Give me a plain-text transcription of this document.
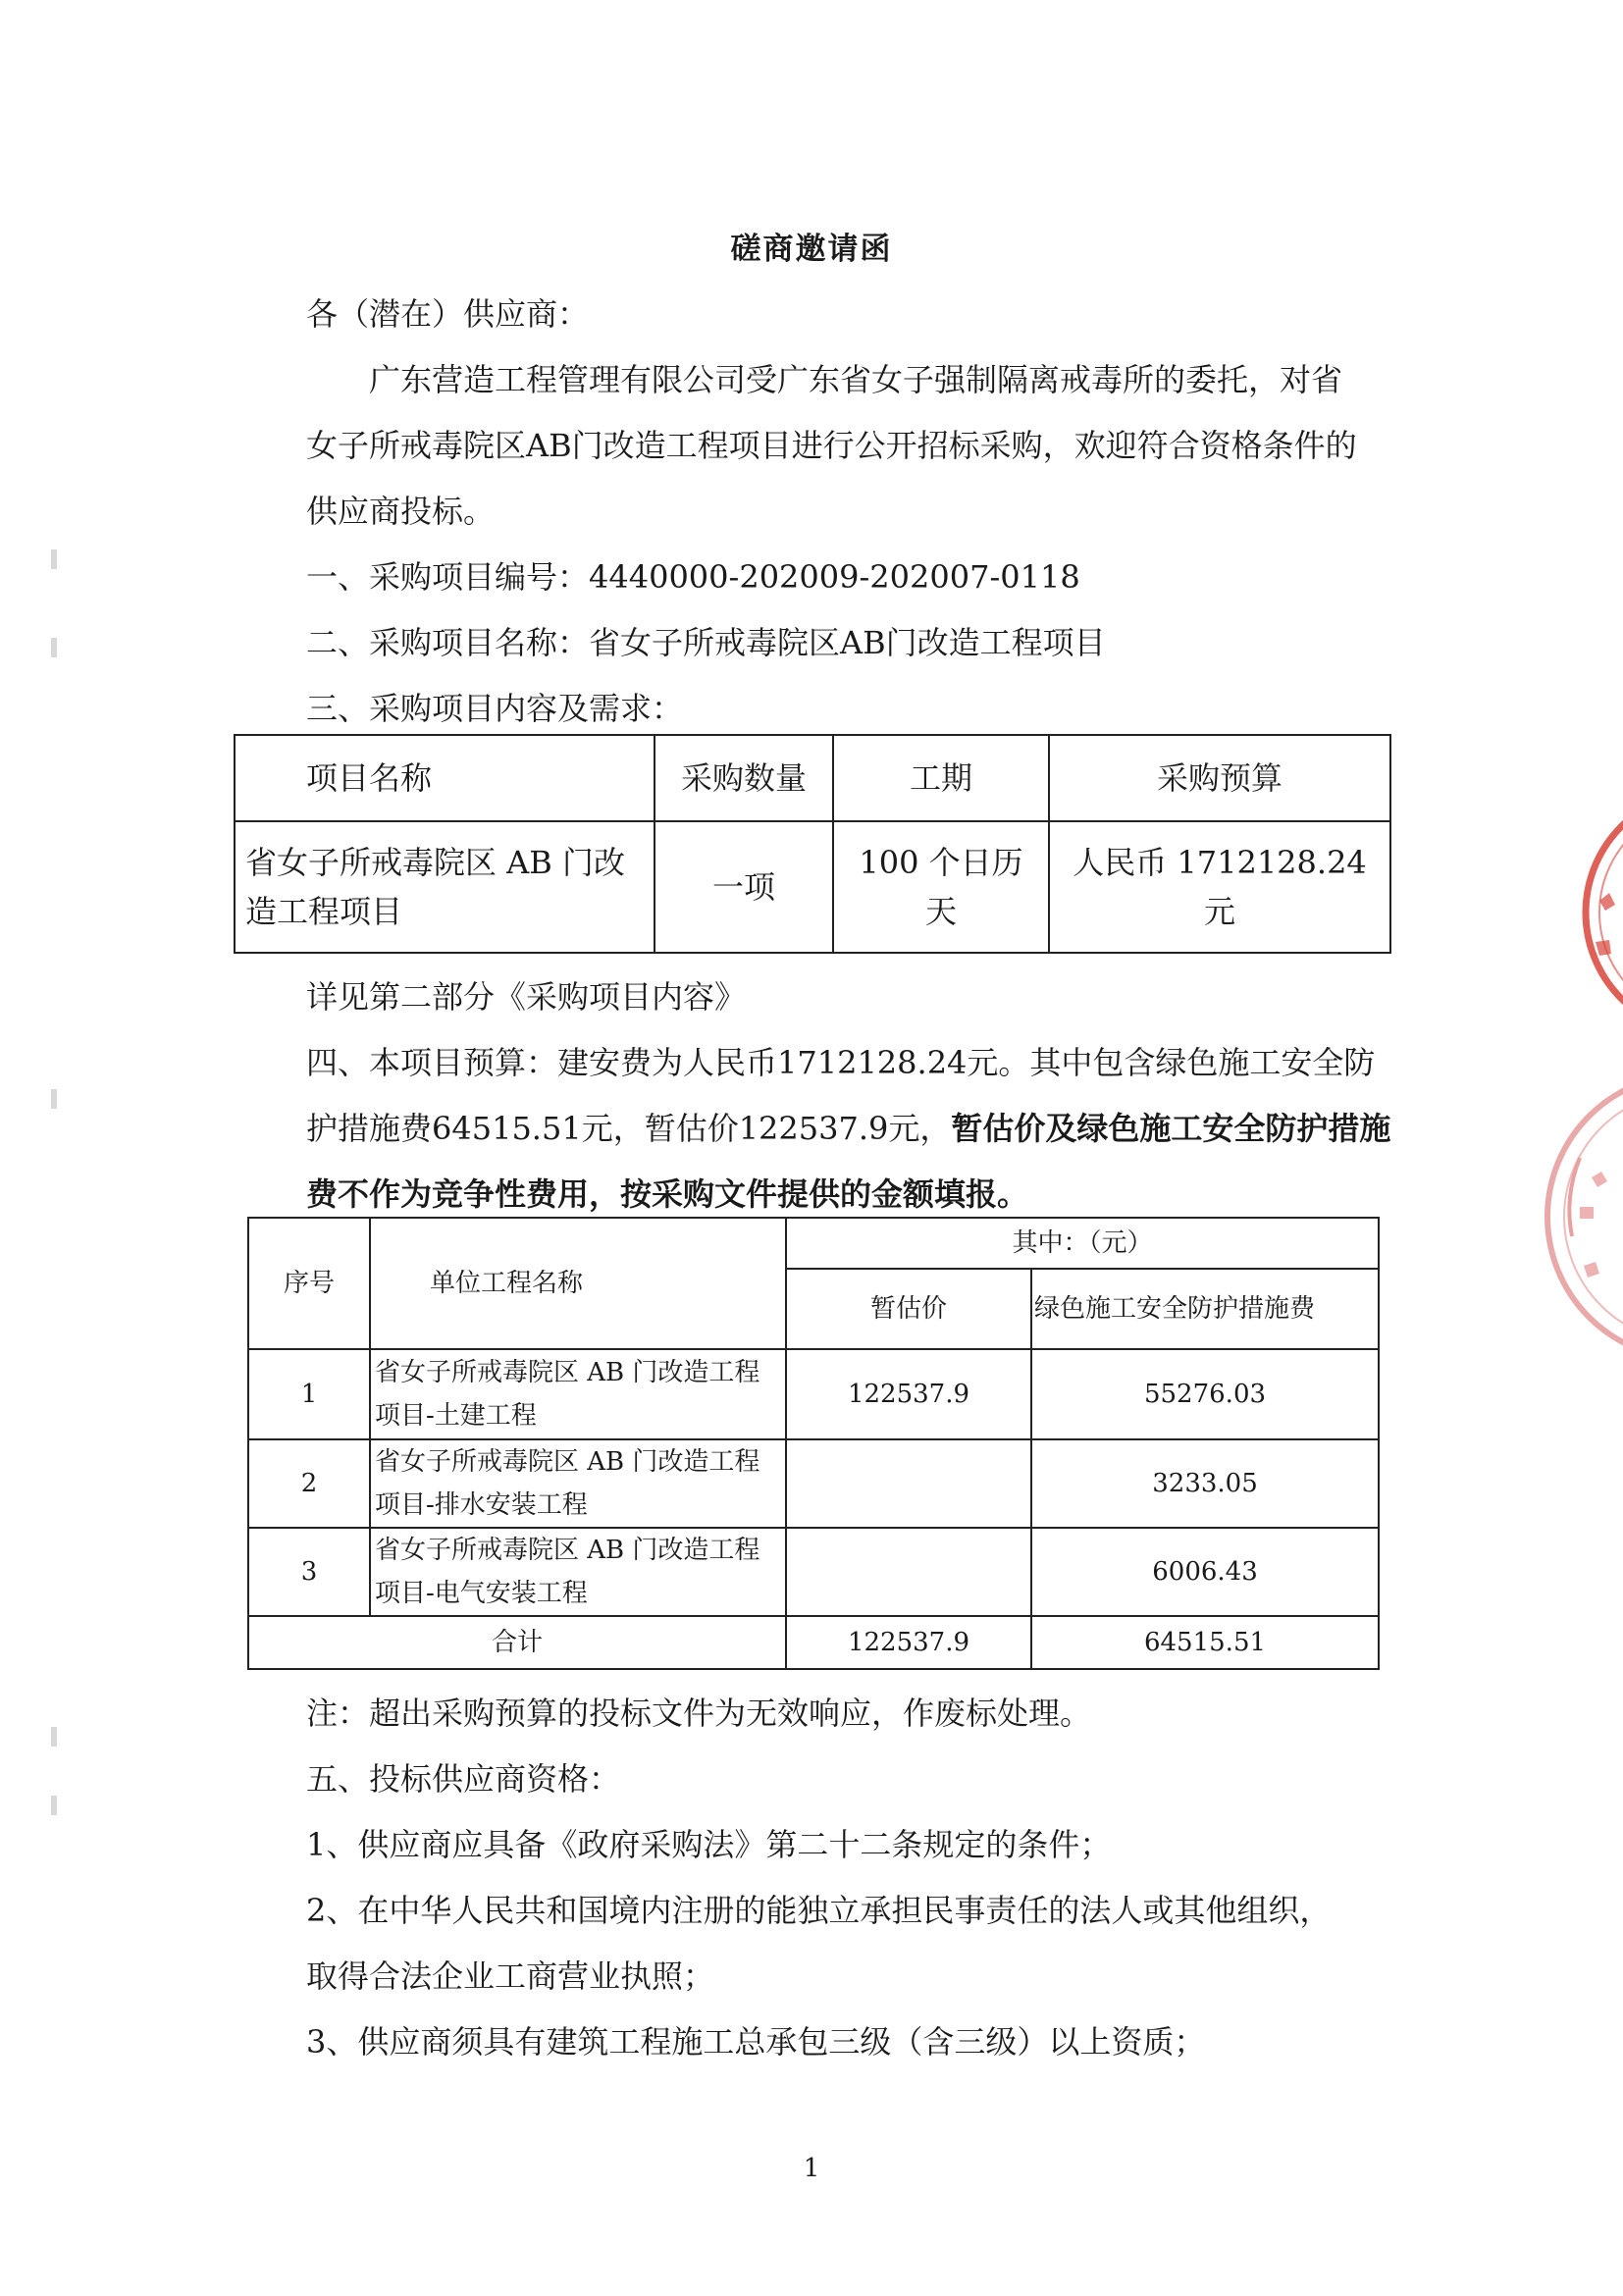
磋商邀请函
各（潜在）供应商：
广东营造工程管理有限公司受广东省女子强制隔离戒毒所的委托，对省
女子所戒毒院区AB门改造工程项目进行公开招标采购，欢迎符合资格条件的
供应商投标。
一、采购项目编号：4440000-202009-202007-0118
二、采购项目名称：省女子所戒毒院区AB门改造工程项目
三、采购项目内容及需求：
项目名称	采购数量	工期	采购预算

省女子所戒毒院区 AB 门改
造工程项目	一项	100 个日历天	人民币 1712128.24 元
详见第二部分《采购项目内容》
四、本项目预算：建安费为人民币1712128.24元。其中包含绿色施工安全防
护措施费64515.51元，暂估价122537.9元，暂估价及绿色施工安全防护措施
费不作为竞争性费用，按采购文件提供的金额填报。
序号	单位工程名称	其中：（元）	
		暂估价	绿色施工安全防护措施费
1	省女子所戒毒院区 AB 门改造工程
项目-土建工程	122537.9	55276.03
2	省女子所戒毒院区 AB 门改造工程
项目-排水安装工程		3233.05
3	省女子所戒毒院区 AB 门改造工程
项目-电气安装工程		6006.43
合计		122537.9	64515.51
注：超出采购预算的投标文件为无效响应，作废标处理。
五、投标供应商资格：
1、供应商应具备《政府采购法》第二十二条规定的条件；
2、在中华人民共和国境内注册的能独立承担民事责任的法人或其他组织，
取得合法企业工商营业执照；
3、供应商须具有建筑工程施工总承包三级（含三级）以上资质；
1
